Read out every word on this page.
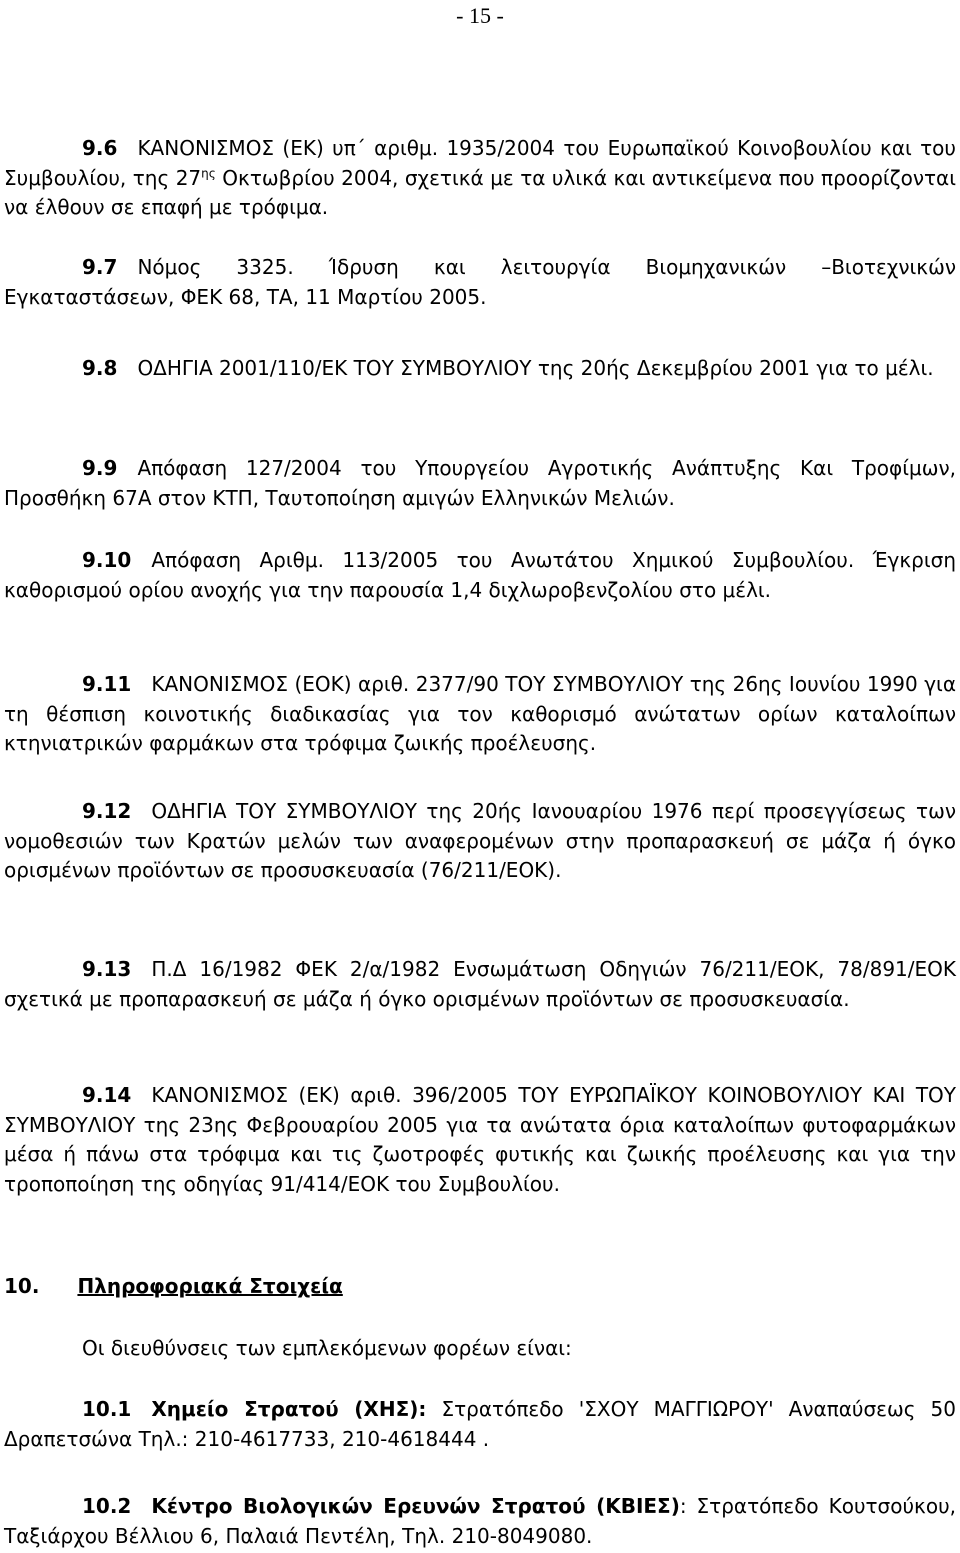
- 15 -

9.6 ΚΑΝΟΝΙΣΜΟΣ (ΕΚ) υπ΄ αριθμ. 1935/2004 του Ευρωπαϊκού Κοινοβουλίου και του Συμβουλίου, της $27^{\eta\varsigma}$ Οκτωβρίου 2004, σχετικά με τα υλικά και αντικείμενα που προορίζονται να έλθουν σε επαφή με τρόφιμα.

9.7 Νόμος 3325. Ίδρυση και λειτουργία Βιομηχανικών –Βιοτεχνικών Εγκαταστάσεων, ΦΕΚ 68, ΤΑ, 11 Μαρτίου 2005.

9.8 ΟΔΗΓΙΑ 2001/110/ΕΚ ΤΟΥ ΣΥΜΒΟΥΛΙΟΥ της 20ής Δεκεμβρίου 2001 για το μέλι.

9.9 Απόφαση 127/2004 του Υπουργείου Αγροτικής Ανάπτυξης Και Τροφίμων, Προσθήκη 67Α στον ΚΤΠ, Ταυτοποίηση αμιγών Ελληνικών Μελιών.

9.10 Απόφαση Αριθμ. 113/2005 του Ανωτάτου Χημικού Συμβουλίου. Έγκριση καθορισμού ορίου ανοχής για την παρουσία 1,4 διχλωροβενζολίου στο μέλι.

9.11 ΚΑΝΟΝΙΣΜΟΣ (ΕΟΚ) αριθ. 2377/90 ΤΟΥ ΣΥΜΒΟΥΛΙΟΥ της 26ης Ιουνίου 1990 για τη θέσπιση κοινοτικής διαδικασίας για τον καθορισμό ανώτατων ορίων καταλοίπων κτηνιατρικών φαρμάκων στα τρόφιμα ζωικής προέλευσης.

9.12 ΟΔΗΓΙΑ ΤΟΥ ΣΥΜΒΟΥΛΙΟΥ της 20ής Ιανουαρίου 1976 περί προσεγγίσεως των νομοθεσιών των Κρατών μελών των αναφερομένων στην προπαρασκευή σε μάζα ή όγκο ορισμένων προϊόντων σε προσυσκευασία (76/211/ΕΟΚ).

9.13 Π.Δ 16/1982 ΦΕΚ 2/α/1982 Ενσωμάτωση Οδηγιών 76/211/ΕΟΚ, 78/891/ΕΟΚ σχετικά με προπαρασκευή σε μάζα ή όγκο ορισμένων προϊόντων σε προσυσκευασία.

9.14 ΚΑΝΟΝΙΣΜΟΣ (ΕΚ) αριθ. 396/2005 ΤΟΥ ΕΥΡΩΠΑΪΚΟΥ ΚΟΙΝΟΒΟΥΛΙΟΥ ΚΑΙ ΤΟΥ ΣΥΜΒΟΥΛΙΟΥ της 23ης Φεβρουαρίου 2005 για τα ανώτατα όρια καταλοίπων φυτοφαρμάκων μέσα ή πάνω στα τρόφιμα και τις ζωοτροφές φυτικής και ζωικής προέλευσης και για την τροποποίηση της οδηγίας 91/414/ΕΟΚ του Συμβουλίου.

10. Πληροφοριακά Στοιχεία

Οι διευθύνσεις των εμπλεκόμενων φορέων είναι:

10.1 Χημείο Στρατού (ΧΗΣ): Στρατόπεδο 'ΣΧΟΥ ΜΑΓΓΙΩΡΟΥ' Αναπαύσεως 50 Δραπετσώνα Τηλ.: 210-4617733, 210-4618444 .

10.2 Κέντρο Βιολογικών Ερευνών Στρατού (ΚΒΙΕΣ): Στρατόπεδο Κουτσούκου, Ταξιάρχου Βέλλιου 6, Παλαιά Πεντέλη, Τηλ. 210-8049080.
